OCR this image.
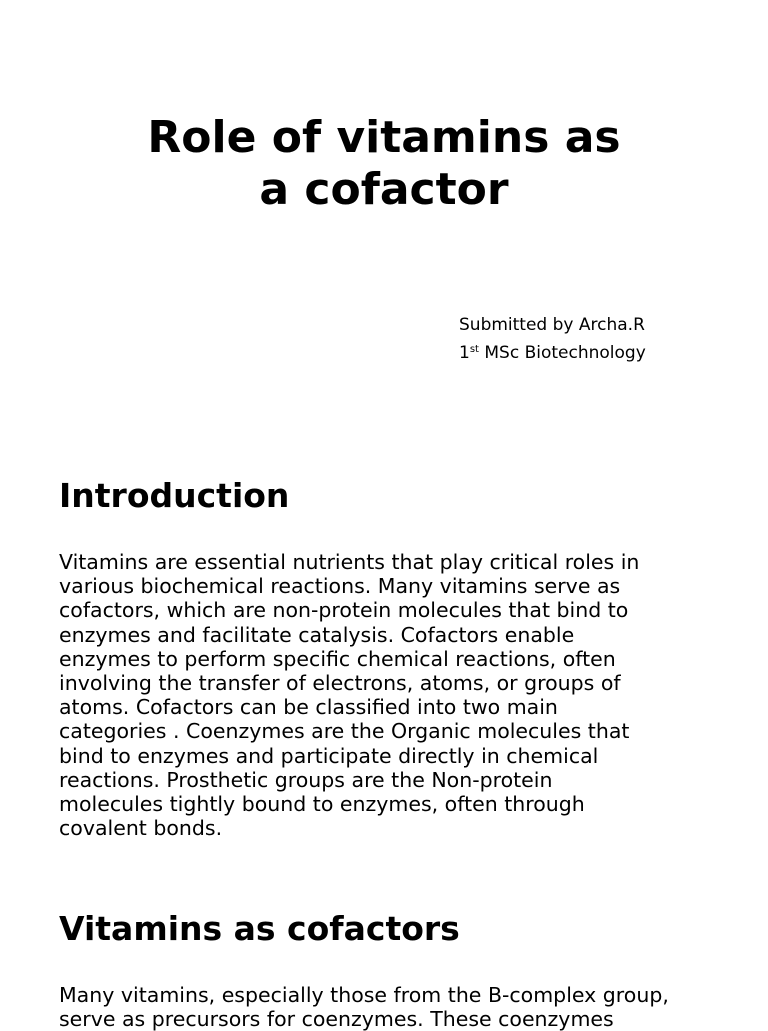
Role of vitamins as
a cofactor
Submitted by Archa.R
1st MSc Biotechnology
Introduction
Vitamins are essential nutrients that play critical roles in
various biochemical reactions. Many vitamins serve as
cofactors, which are non-protein molecules that bind to
enzymes and facilitate catalysis. Cofactors enable
enzymes to perform specific chemical reactions, often
involving the transfer of electrons, atoms, or groups of
atoms. Cofactors can be classified into two main
categories . Coenzymes are the Organic molecules that
bind to enzymes and participate directly in chemical
reactions. Prosthetic groups are the Non-protein
molecules tightly bound to enzymes, often through
covalent bonds.
Vitamins as cofactors
Many vitamins, especially those from the B-complex group,
serve as precursors for coenzymes. These coenzymes
